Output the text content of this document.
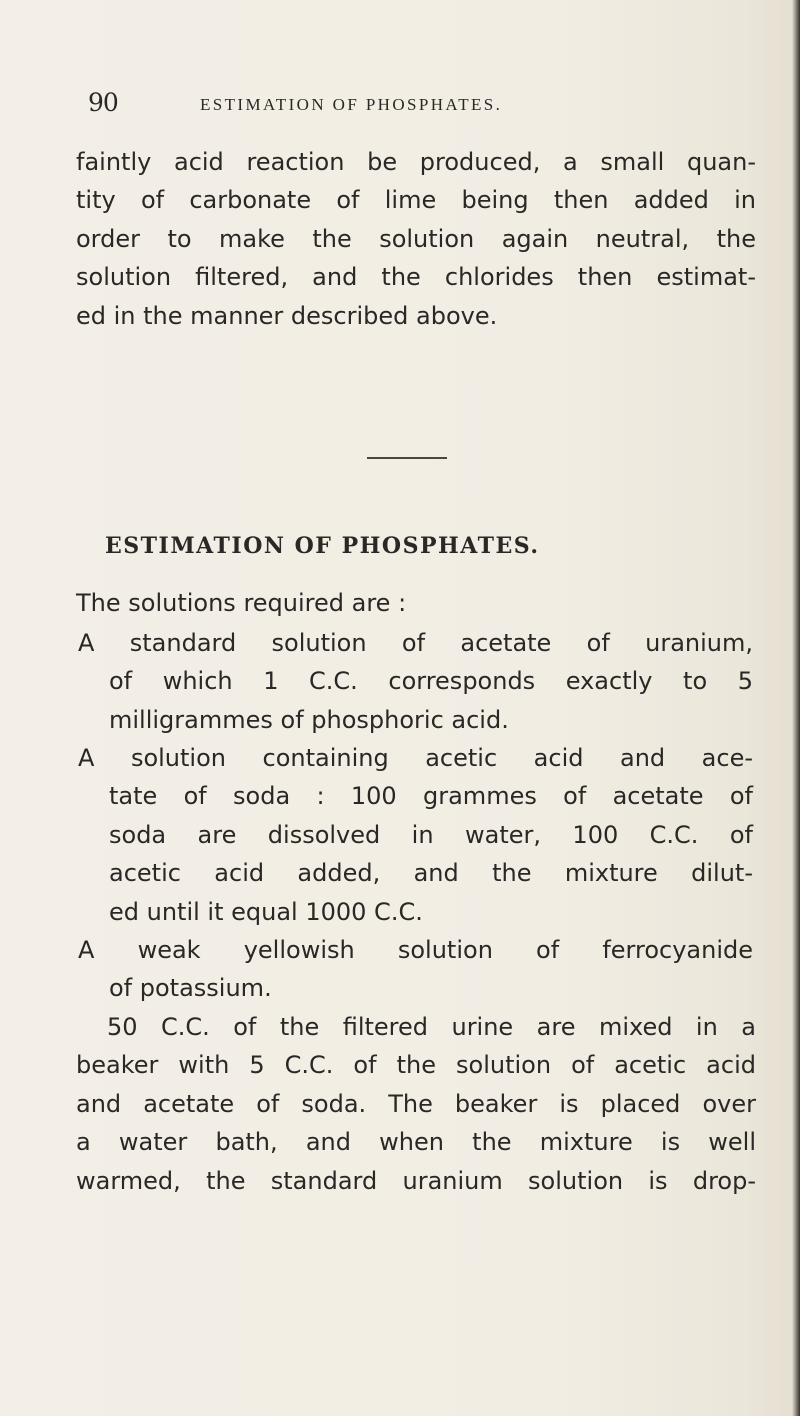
90	ESTIMATION OF PHOSPHATES.
faintly acid reaction be produced, a small quan-
tity of carbonate of lime being then added in
order to make the solution again neutral, the
solution filtered, and the chlorides then estimat-
ed in the manner described above.
ESTIMATION OF PHOSPHATES.
The solutions required are :
A standard solution of acetate of uranium,
of which 1 C.C. corresponds exactly to 5
milligrammes of phosphoric acid.
A solution containing acetic acid and ace-
tate of soda : 100 grammes of acetate of
soda are dissolved in water, 100 C.C. of
acetic acid added, and the mixture dilut-
ed until it equal 1000 C.C.
A weak yellowish solution of ferrocyanide
of potassium.
50 C.C. of the filtered urine are mixed in a
beaker with 5 C.C. of the solution of acetic acid
and acetate of soda. The beaker is placed over
a water bath, and when the mixture is well
warmed, the standard uranium solution is drop-
